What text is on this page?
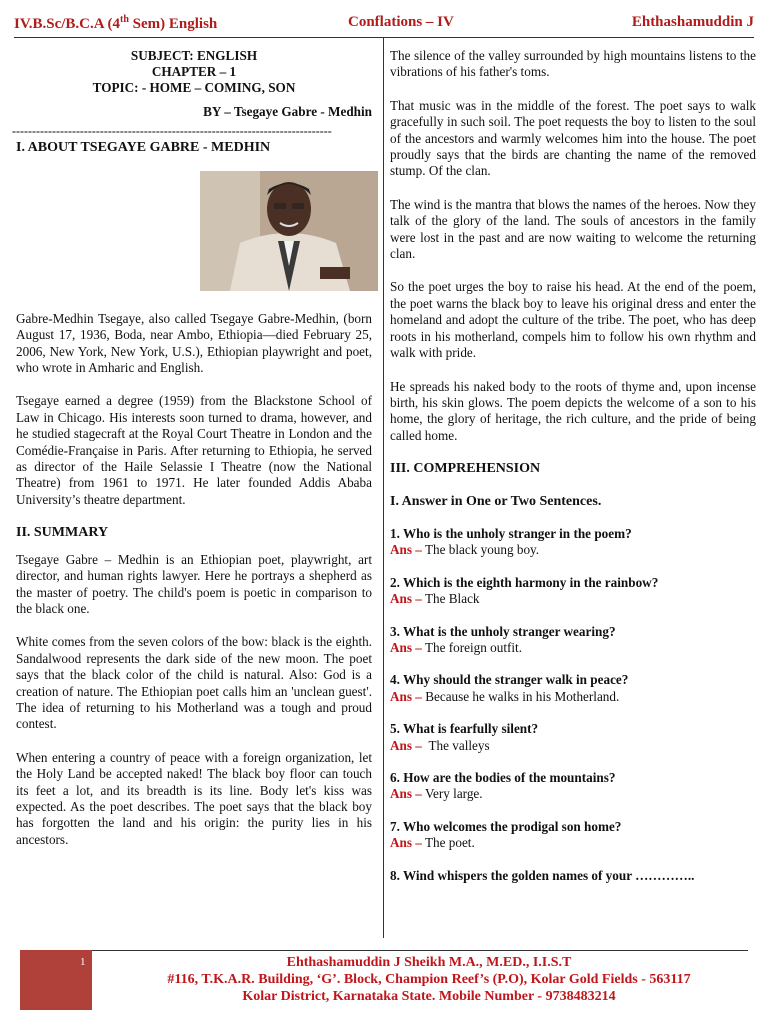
IV.B.Sc/B.C.A (4th Sem) English	Conflations – IV	Ehthashamuddin J
SUBJECT: ENGLISH
CHAPTER – 1
TOPIC: - HOME – COMING, SON
BY – Tsegaye Gabre - Medhin
--------------------------------------------------------------------------------
I. ABOUT TSEGAYE GABRE - MEDHIN

Gabre-Medhin Tsegaye, also called Tsegaye Gabre-Medhin, (born August 17, 1936, Boda, near Ambo, Ethiopia—died February 25, 2006, New York, New York, U.S.), Ethiopian playwright and poet, who wrote in Amharic and English.

Tsegaye earned a degree (1959) from the Blackstone School of Law in Chicago. His interests soon turned to drama, however, and he studied stagecraft at the Royal Court Theatre in London and the Comédie-Française in Paris. After returning to Ethiopia, he served as director of the Haile Selassie I Theatre (now the National Theatre) from 1961 to 1971. He later founded Addis Ababa University’s theatre department.

II. SUMMARY

Tsegaye Gabre – Medhin is an Ethiopian poet, playwright, art director, and human rights lawyer. Here he portrays a shepherd as the master of poetry. The child's poem is poetic in comparison to the black one.

White comes from the seven colors of the bow: black is the eighth. Sandalwood represents the dark side of the new moon. The poet says that the black color of the child is natural. Also: God is a creation of nature. The Ethiopian poet calls him an 'unclean guest'. The idea of returning to his Motherland was a tough and proud contest.

When entering a country of peace with a foreign organization, let the Holy Land be accepted naked! The black boy floor can touch its feet a lot, and its breadth is its line. Body let's kiss was expected. As the poet describes. The poet says that the black boy has forgotten the land and his origin: the purity lies in his ancestors.

The silence of the valley surrounded by high mountains listens to the vibrations of his father's toms.

That music was in the middle of the forest. The poet says to walk gracefully in such soil. The poet requests the boy to listen to the soul of the ancestors and warmly welcomes him into the house. The poet proudly says that the birds are chanting the name of the removed stump. Of the clan.

The wind is the mantra that blows the names of the heroes. Now they talk of the glory of the land. The souls of ancestors in the family were lost in the past and are now waiting to welcome the returning clan.

So the poet urges the boy to raise his head. At the end of the poem, the poet warns the black boy to leave his original dress and enter the homeland and adopt the culture of the tribe. The poet, who has deep roots in his motherland, compels him to follow his own rhythm and walk with pride.

He spreads his naked body to the roots of thyme and, upon incense birth, his skin glows. The poem depicts the welcome of a son to his home, the glory of heritage, the rich culture, and the pride of being called home.

III. COMPREHENSION
I. Answer in One or Two Sentences.
1. Who is the unholy stranger in the poem?
Ans – The black young boy.
2. Which is the eighth harmony in the rainbow?
Ans – The Black
3. What is the unholy stranger wearing?
Ans – The foreign outfit.
4. Why should the stranger walk in peace?
Ans – Because he walks in his Motherland.
5. What is fearfully silent?
Ans – The valleys
6. How are the bodies of the mountains?
Ans – Very large.
7. Who welcomes the prodigal son home?
Ans – The poet.
8. Wind whispers the golden names of your …………..
1	Ehthashamuddin J Sheikh M.A., M.ED., I.I.S.T
#116, T.K.A.R. Building, ‘G’. Block, Champion Reef’s (P.O), Kolar Gold Fields - 563117
Kolar District, Karnataka State. Mobile Number - 9738483214
